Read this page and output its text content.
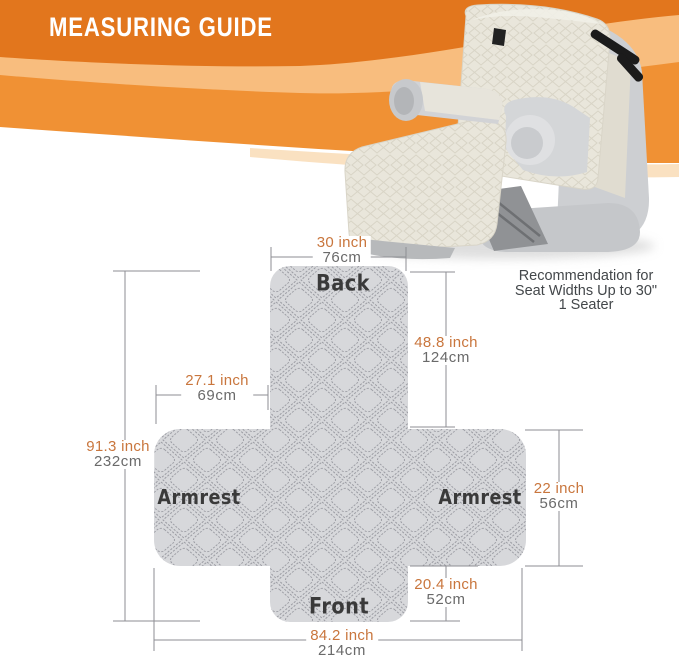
MEASURING GUIDE
Recommendation for
Seat Widths Up to 30"
1 Seater
Back
Armrest	Armrest
Front
30 inch
76cm
48.8 inch
124cm
27.1 inch
69cm
91.3 inch
232cm
22 inch
56cm
20.4 inch
52cm
84.2 inch
214cm
